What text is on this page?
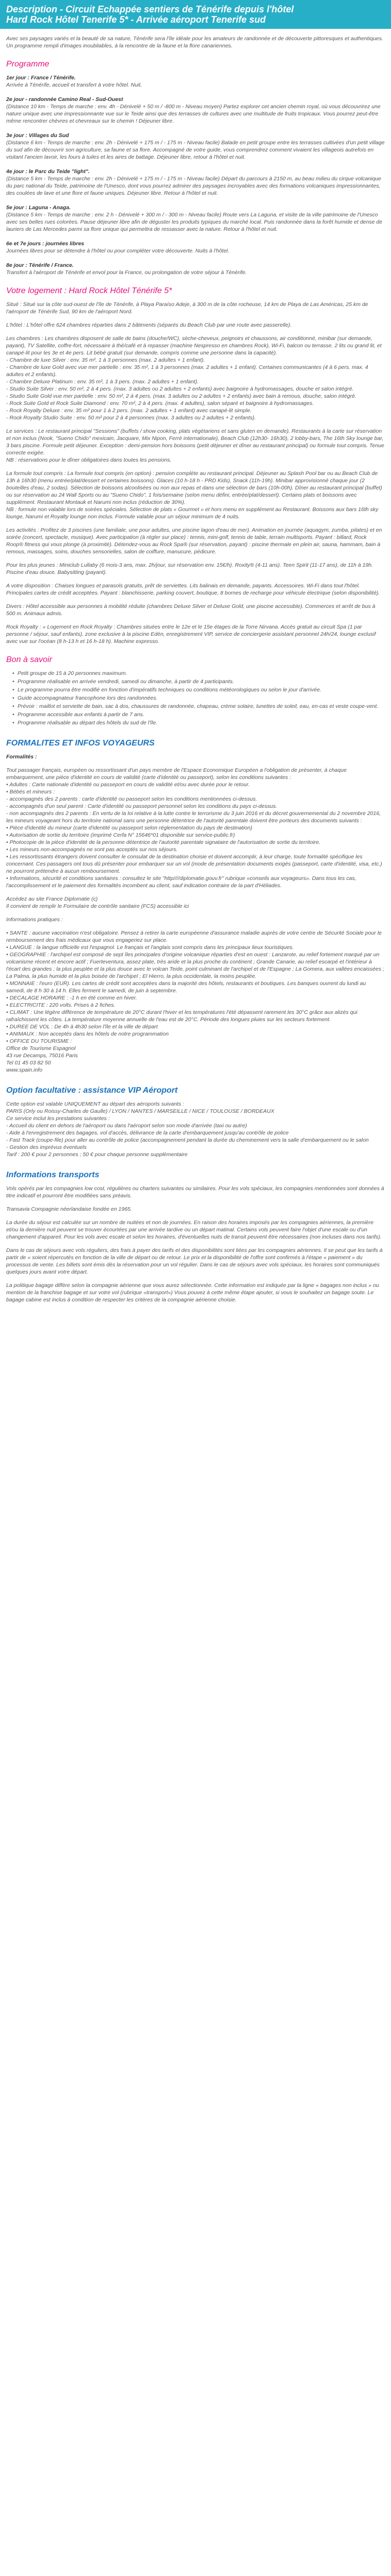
Description - Circuit Echappée sentiers de Ténérife depuis l'hôtel
Hard Rock Hôtel Tenerife 5* - Arrivée aéroport Tenerife sud
Avec ses paysages variés et la beauté de sa nature, Ténérife sera l'île idéale pour les amateurs de randonnée et de découverte pittoresques et authentiques. Un programme rempli d'images inoubliables, à la rencontre de la faune et la flore canariennes.
Programme
1er jour : France / Ténérife.
Arrivée à Ténérife, accueil et transfert à votre hôtel. Nuit.
2e jour - randonnée Camino Real - Sud-Ouest
(Distance 10 km - Temps de marche : env. 4h - Dénivelé + 50 m / -800 m - Niveau moyen) Partez explorer cet ancien chemin royal, où vous découvrirez une nature unique avec une impressionnante vue sur le Teide ainsi que des terrasses de cultures avec une multitude de fruits tropicaux. Vous pourrez peut-être même rencontrer chèvres et chevreaux sur le chemin ! Déjeuner libre.
3e jour : Villages du Sud
(Distance 6 km - Temps de marche : env. 2h - Dénivelé + 175 m / - 175 m - Niveau facile) Balade en petit groupe entre les terrasses cultivées d'un petit village du sud afin de découvrir son agriculture, sa faune et sa flore. Accompagné de votre guide, vous comprendrez comment vivaient les villageois autrefois en visitant l'ancien lavoir, les fours à tuiles et les aires de battage. Déjeuner libre, retour à l'hôtel et nuit.
4e jour : le Parc du Teide "light".
(Distance 5 km - Temps de marche : env. 2h - Dénivelé + 175 m / - 175 m - Niveau facile) Départ du parcours à 2150 m, au beau milieu du cirque volcanique du parc national du Teide, patrimoine de l'Unesco, dont vous pourrez admirer des paysages incroyables avec des formations volcaniques impressionnantes, des coulées de lave et une flore et faune uniques. Déjeuner libre. Retour à l'hôtel et nuit.
5e jour : Laguna - Anaga.
(Distance 5 km - Temps de marche : env. 2 h - Dénivelé + 300 m / - 300 m - Niveau facile) Route vers La Laguna, et visite de la ville patrimoine de l'Unesco avec ses belles rues colorées. Pause déjeuner libre afin de déguster les produits typiques du marché local. Puis randonnée dans la forêt humide et dense de lauriers de Las Mercedes parmi sa flore unique qui permettra de ressasser avec la nature. Retour à l'hôtel et nuit.
6e et 7e jours : journées libres
Journées libres pour se détendre à l'hôtel ou pour compléter votre découverte. Nuits à l'hôtel.
8e jour : Ténérife / France.
Transfert à l'aéroport de Ténérife et envol pour la France, ou prolongation de votre séjour à Ténérife.
Votre logement : Hard Rock Hôtel Ténérife 5*

Situé : Situé sur la côte sud-ouest de l'île de Ténérife, à Playa Paraíso Adeje, à 300 m de la côte rocheuse, 14 km de Playa de Las Américas, 25 km de l'aéroport de Ténérife Sud, 90 km de l'aéroport Nord.

L'hôtel : L'hôtel offre 624 chambres réparties dans 2 bâtiments (séparés du Beach Club par une route avec passerelle).

Les chambres : Les chambres disposent de salle de bains (douche/WC), sèche-cheveux, peignoirs et chaussons, air conditionné, minibar (sur demande, payant), TV Satellite, coffre-fort, nécessaire à thé/café et à repasser (machine Nespresso en chambres Rock), Wi-Fi, balcon ou terrasse. 2 lits ou grand lit, et canapé-lit pour les 3e et 4e pers. Lit bébé gratuit (sur demande, compris comme une personne dans la capacité).
- Chambre de luxe Silver : env. 35 m², 1 à 3 personnes (max. 2 adultes + 1 enfant).
- Chambre de luxe Gold avec vue mer partielle : env. 35 m², 1 à 3 personnes (max. 2 adultes + 1 enfant). Certaines communicantes (4 à 6 pers. max. 4 adultes et 2 enfants).
- Chambre Deluxe Platinum : env. 35 m², 1 à 3 pers. (max. 2 adultes + 1 enfant).
- Studio Suite Silver : env. 50 m², 2 à 4 pers. (max. 3 adultes ou 2 adultes + 2 enfants) avec baignoire à hydromassages, douche et salon intégré.
- Studio Suite Gold vue mer partielle : env. 50 m², 2 à 4 pers. (max. 3 adultes ou 2 adultes + 2 enfants) avec bain à remous, douche, salon intégré.
- Rock Suite Gold et Rock Suite Diamond : env. 70 m², 2 à 4 pers. (max. 4 adultes), salon séparé et baignoire à hydromassages.
- Rock Royalty Deluxe : env. 35 m² pour 1 à 2 pers. (max. 2 adultes + 1 enfant) avec canapé-lit simple.
- Rock Royalty Studio Suite : env. 50 m² pour 2 à 4 personnes (max. 3 adultes ou 2 adultes + 2 enfants).

Le services : Le restaurant principal "Sessions" (buffets / show cooking, plats végétariens et sans gluten en demande). Restaurants à la carte sur réservation et non inclus (Nook, "Sueno Chido" mexicain, Jacquare, Mix Nipon, Ferré internationale), Beach Club (12h30- 16h30), 2 lobby-bars, The 16th Sky lounge bar, 3 bars piscine. Formule petit déjeuner. Exception : demi-pension hors boissons (petit déjeuner et dîner au restaurant principal) ou formule tout compris. Tenue correcte exigée.
NB : réservations pour le dîner obligatoires dans toutes les pensions.

La formule tout compris : La formule tout compris (en option) : pension complète au restaurant principal. Déjeuner au Splash Pool bar ou au Beach Club de 13h à 16h30 (menu entrée/plat/dessert et certaines boissons). Glaces (10 h-18 h - PRD Kids), Snack (11h-19h). Minibar approvisionné chaque jour (2 bouteilles d'eau, 2 sodas). Sélection de boissons alcoolisées ou non aux repas et dans une sélection de bars (10h-00h). Dîner au restaurant principal (buffet) ou sur réservation au 24 Wall Sports ou au "Sueno Chido", 1 fois/semaine (selon menu défini, entrée/plat/dessert). Certains plats et boissons avec supplément. Restaurant Montauk et Narumi non inclus (réduction de 30%).
NB : formule non valable lors de soirées spéciales. Sélection de plats « Gourmet » et hors menu en supplément au Restaurant. Boissons aux bars 16th sky lounge, Narumi et Royalty lounge non inclus. Formule valable pour un séjour minimum de 4 nuits.

Les activités : Profitez de 3 piscines (une familiale, une pour adultes, une piscine lagon d'eau de mer). Animation en journée (aquagym, zumba, pilates) et en soirée (concert, spectacle, musique). Avec participation (à régler sur place) : tennis, mini-golf, tennis de table, terrain multisports. Payant : billard, Rock Roop® fitness qui vous plonge (à proximité). Détendez-vous au Rock Spa® (sur réservation, payant) : piscine thermale en plein air, sauna, hammam, bain à remous, massages, soins, douches sensorielles, salon de coiffure, manucure, pédicure.

Pour les plus jeunes : Miniclub Lullaby (6 mois-3 ans, max. 2h/jour, sur réservation env. 15€/h). Roxity® (4-11 ans). Teen Spirit (11-17 ans), de 11h à 19h. Piscine d'eau douce. Babysitting (payant).

A votre disposition : Chaises longues et parasols gratuits, prêt de serviettes. Lits balinais en demande, payants. Accessoires. Wi-Fi dans tout l'hôtel. Principales cartes de crédit acceptées. Payant : blanchisserie, parking couvert, boutique, 8 bornes de recharge pour véhicule électrique (selon disponibilité).

Divers : Hôtel accessible aux personnes à mobilité réduite (chambres Deluxe Silver et Deluxe Gold, une piscine accessible). Commerces et arrêt de bus à 500 m. Animaux admis.

Rock Royalty : » Logement en Rock Royalty : Chambres situées entre le 12e et le 15e étages de la Torre Nirvana. Accès gratuit au circuit Spa (1 par personne / séjour, sauf enfants), zone exclusive à la piscine Edén, enregistrement VIP, service de conciergerie assistant personnel 24h/24, lounge exclusif avec vue sur l'océan (8 h-13 h et 16 h-18 h). Machine expresso.

Bon à savoir
• Petit groupe de 15 à 20 personnes maximum.
• Programme réalisable en arrivée vendredi, samedi ou dimanche, à partir de 4 participants.
• Le programme pourra être modifié en fonction d'impératifs techniques ou conditions météorologiques ou selon le jour d'arrivée.
• Guide accompagnateur francophone lors des randonnées.
• Prévoir : maillot et serviette de bain, sac à dos, chaussures de randonnée, chapeau, crème solaire, lunettes de soleil, eau, en-cas et veste coupe-vent.
• Programme accessible aux enfants à partir de 7 ans.
• Programme réalisable au départ des hôtels du sud de l'île.
FORMALITES ET INFOS VOYAGEURS

Formalités :

Tout passager français, européen ou ressortissant d'un pays membre de l'Espace Economique Européen a l'obligation de présenter, à chaque embarquement, une pièce d'identité en cours de validité (carte d'identité ou passeport), selon les conditions suivantes :
• Adultes : Carte nationale d'identité ou passeport en cours de validité et/ou avec durée pour le retour.
• Bébés et mineurs :
- accompagnés des 2 parents : carte d'identité ou passeport selon les conditions mentionnées ci-dessus.
- accompagnés d'un seul parent : Carte d'identité ou passeport personnel selon les conditions du pays ci-dessus.
- non accompagnés des 2 parents : En vertu de la loi relative à la lutte contre le terrorisme du 3 juin 2016 et du décret gouvernemental du 2 novembre 2016, les mineurs voyageant hors du territoire national sans une personne détentrice de l'autorité parentale doivent être porteurs des documents suivants :
• Pièce d'identité du mineur (carte d'identité ou passeport selon réglementation du pays de destination)
• Autorisation de sortie du territoire (imprimé Cerfa N° 15646*01 disponible sur service-public.fr)
• Photocopie de la pièce d'identité de la personne détentrice de l'autorité parentale signataire de l'autorisation de sortie du territoire.
• Les mineurs non-accompagnés ne sont pas acceptés sur nos séjours.
• Les ressortissants étrangers doivent consulter le consulat de la destination choisie et doivent accomplir, à leur charge, toute formalité spécifique les concernant. Ces passagers ont tous dû présenter pour embarquer sur un vol (mode de présentation documents exigés (passeport, carte d'identité, visa, etc.) ne pourront prétendre à aucun remboursement.
• Informations, sécurité et conditions sanitaires : consultez le site "http////diplomatie.gouv.fr" rubrique «conseils aux voyageurs». Dans tous les cas, l'accomplissement et le paiement des formalités incombent au client, sauf indication contraire de la part d'Héliades.

Accédez au site France Diplomatie (c)
Il convient de remplir le Formulaire de contrôle sanitaire (FCS) accessible ici

Informations pratiques :

• SANTE : aucune vaccination n'est obligatoire. Pensez à retirer la carte européenne d'assurance maladie auprès de votre centre de Sécurité Sociale pour le remboursement des frais médicaux que vous engageriez sur place.
• LANGUE : la langue officielle est l'espagnol. Le français et l'anglais sont compris dans les principaux lieux touristiques.
• GEOGRAPHIE : l'archipel est composé de sept îles principales d'origine volcanique réparties d'est en ouest : Lanzarote, au relief fortement marqué par un volcanisme récent et encore actif ; Fuerteventura, assez plate, très aride et la plus proche du continent ; Grande Canarie, au relief escarpé et l'intérieur à l'écart des grandes ; la plus peuplée et la plus douce avec le volcan Teide, point culminant de l'archipel et de l'Espagne ; La Gomera, aux vallées encaissées ; La Palma, la plus humide et la plus boisée de l'archipel ; El Hierro, la plus occidentale, la moins peuplée.
• MONNAIE : l'euro (EUR). Les cartes de crédit sont acceptées dans la majorité des hôtels, restaurants et boutiques. Les banques ouvrent du lundi au samedi, de 8 h 30 à 14 h. Elles ferment le samedi, de juin à septembre.
• DECALAGE HORAIRE : -1 h en été comme en hiver.
• ELECTRICITE : 220 volts. Prises à 2 fiches.
• CLIMAT : Une légère différence de température de 20°C durant l'hiver et les températures l'été dépassent rarement les 30°C grâce aux alizés qui rafraîchissent les côtes. La température moyenne annuelle de l'eau est de 20°C. Période des longues pluies sur les secteurs fortement.
• DUREE DE VOL : De 4h à 4h30 selon l'île et la ville de départ
• ANIMAUX : Non acceptés dans les hôtels de notre programmation
• OFFICE DU TOURISME :
Office de Tourisme Espagnol
43 rue Decamps, 75016 Paris
Tel 01 45 03 82 50
www.spain.info

Option facultative : assistance VIP Aéroport

Cette option est valable UNIQUEMENT au départ des aéroports suivants :
PARIS (Orly ou Roissy-Charles de Gaulle) / LYON / NANTES / MARSEILLE / NICE / TOULOUSE / BORDEAUX
Ce service inclut les prestations suivantes :
- Accueil du client en dehors de l'aéroport ou dans l'aéroport selon son mode d'arrivée (taxi ou autre)
- Aide à l'enregistrement des bagages, vol d'accès, délivrance de la carte d'embarquement jusqu'au contrôle de police
- Fast Track (coupe-file) pour aller au contrôle de police (accompagnement pendant la durée du cheminement vers la salle d'embarquement ou le salon
- Gestion des imprévus éventuels
Tarif : 200 € pour 2 personnes ; 50 € pour chaque personne supplémentaire

Informations transports

Vols opérés par les compagnies low cost, régulières ou charters suivantes ou similaires. Pour les vols spéciaux, les compagnies mentionnées sont données à titre indicatif et pourront être modifiées sans préavis.

Transavia Compagnie néerlandaise fondée en 1965.

La durée du séjour est calculée sur un nombre de nuitées et non de journées. En raison des horaires imposés par les compagnies aériennes, la première et/ou la dernière nuit peuvent se trouver écourtées par une arrivée tardive ou un départ matinal. Certains vols peuvent faire l'objet d'une escale ou d'un changement d'appareil. Pour les vols avec escale et selon les horaires, d'éventuelles nuits de transit peuvent être nécessaires (non incluses dans nos tarifs).

Dans le cas de séjours avec vols réguliers, des frais à payer des tarifs et des disponibilités sont liées par les compagnies aériennes. Il se peut que les tarifs à partir de « soient répercutés en fonction de la ville de départ ou de retour. Le prix et la disponibilité de l'offre sont confirmés à l'étape « paiement » du processus de vente. Les billets sont émis dès la réservation pour un vol régulier. Dans le cas de séjours avec vols spéciaux, les horaires sont communiqués quelques jours avant votre départ.

La politique bagage diffère selon la compagnie aérienne que vous aurez sélectionnée. Cette information est indiquée par la ligne « bagages non inclus » ou mention de la franchise bagage et sur votre vol (rubrique «transport») Vous pouvez à cette même étape ajouter, si vous le souhaitez un bagage soute. Le bagage cabine est inclus à condition de respecter les critères de la compagnie aérienne choisie.
